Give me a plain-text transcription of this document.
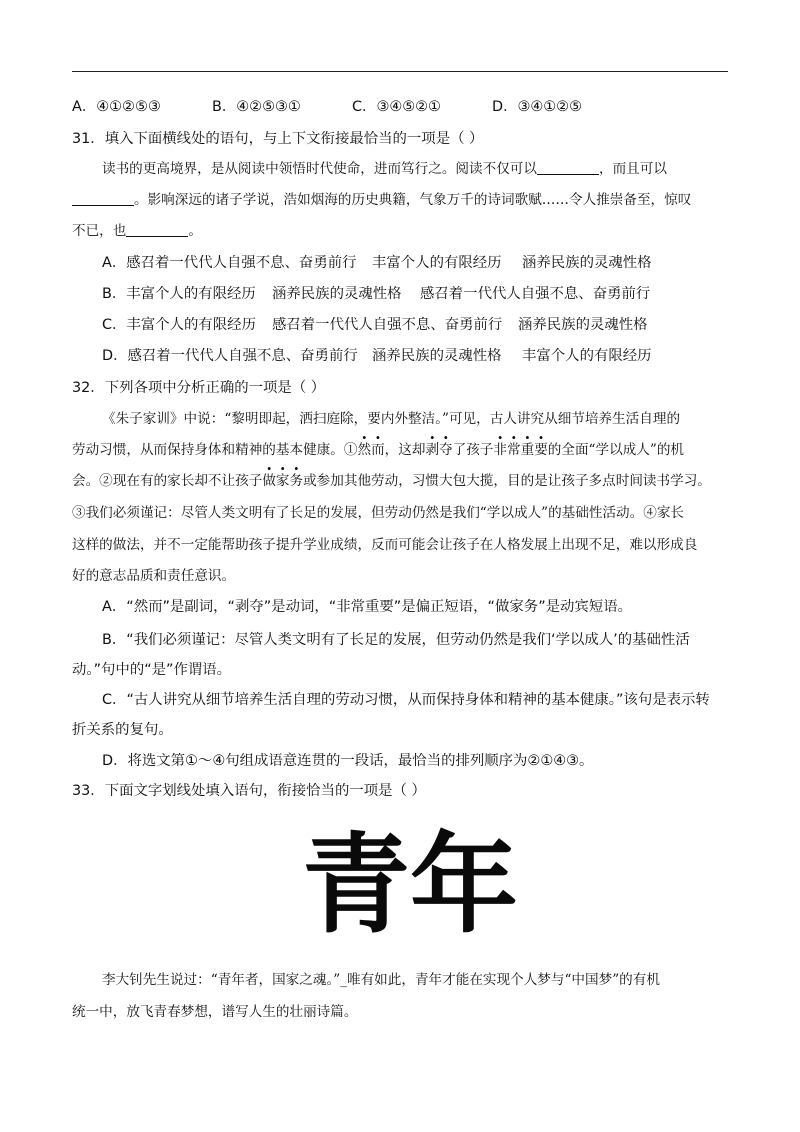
A．④①②⑤③	B．④②⑤③①	C．③④⑤②①	D．③④①②⑤
31．填入下面横线处的语句，与上下文衔接最恰当的一项是（ ）
读书的更高境界，是从阅读中领悟时代使命，进而笃行之。阅读不仅可以	，而且可以
。影响深远的诸子学说，浩如烟海的历史典籍，气象万千的诗词歌赋……令人推崇备至，惊叹
不已，也	。
A．感召着一代代人自强不息、奋勇前行 丰富个人的有限经历 涵养民族的灵魂性格
B．丰富个人的有限经历 涵养民族的灵魂性格 感召着一代代人自强不息、奋勇前行
C．丰富个人的有限经历 感召着一代代人自强不息、奋勇前行 涵养民族的灵魂性格
D．感召着一代代人自强不息、奋勇前行 涵养民族的灵魂性格 丰富个人的有限经历
32．下列各项中分析正确的一项是（ ）
《朱子家训》中说：“黎明即起，洒扫庭除，要内外整洁。”可见，古人讲究从细节培养生活自理的
劳动习惯，从而保持身体和精神的基本健康。①然而，这却剥夺了孩子非常重要的全面“学以成人”的机
会。②现在有的家长却不让孩子做家务或参加其他劳动，习惯大包大揽，目的是让孩子多点时间读书学习。
③我们必须谨记：尽管人类文明有了长足的发展，但劳动仍然是我们“学以成人”的基础性活动。④家长
这样的做法，并不一定能帮助孩子提升学业成绩，反而可能会让孩子在人格发展上出现不足，难以形成良
好的意志品质和责任意识。
A．“然而”是副词，“剥夺”是动词，“非常重要”是偏正短语，“做家务”是动宾短语。
B．“我们必须谨记：尽管人类文明有了长足的发展，但劳动仍然是我们‘学以成人’的基础性活
动。”句中的“是”作谓语。
C．“古人讲究从细节培养生活自理的劳动习惯，从而保持身体和精神的基本健康。”该句是表示转
折关系的复句。
D．将选文第①～④句组成语意连贯的一段话，最恰当的排列顺序为②①④③。
33．下面文字划线处填入语句，衔接恰当的一项是（ ）
青年
李大钊先生说过：“青年者，国家之魂。”_唯有如此，青年才能在实现个人梦与“中国梦”的有机
统一中，放飞青春梦想，谱写人生的壮丽诗篇。
